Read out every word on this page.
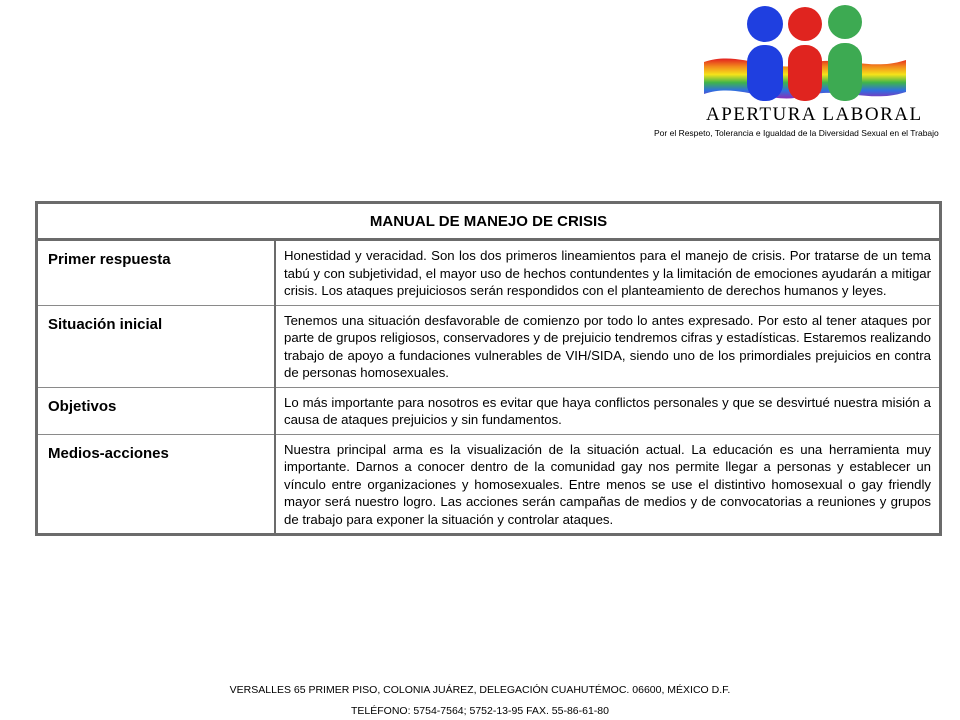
APERTURA LABORAL
Por el Respeto, Tolerancia e Igualdad de la Diversidad Sexual en el Trabajo
MANUAL DE MANEJO DE CRISIS	
Primer respuesta	Honestidad y veracidad. Son los dos primeros lineamientos para el manejo de crisis. Por tratarse de un tema tabú y con subjetividad, el mayor uso de hechos contundentes y la limitación de emociones ayudarán a mitigar crisis. Los ataques prejuiciosos serán respondidos con el planteamiento de derechos humanos y leyes.
Situación inicial	Tenemos una situación desfavorable de comienzo por todo lo antes expresado. Por esto al tener ataques por parte de grupos religiosos, conservadores y de prejuicio tendremos cifras y estadísticas. Estaremos realizando trabajo de apoyo a fundaciones vulnerables de VIH/SIDA, siendo uno de los primordiales prejuicios en contra de personas homosexuales.
Objetivos	Lo más importante para nosotros es evitar que haya conflictos personales y que se desvirtué nuestra misión a causa de ataques prejuicios y sin fundamentos.
Medios-acciones	Nuestra principal arma es la visualización de la situación actual. La educación es una herramienta muy importante. Darnos a conocer dentro de la comunidad gay nos permite llegar a personas y establecer un vínculo entre organizaciones y homosexuales. Entre menos se use el distintivo homosexual o gay friendly mayor será nuestro logro. Las acciones serán campañas de medios y de convocatorias a reuniones y grupos de trabajo para exponer la situación y controlar ataques.
VERSALLES 65 PRIMER PISO, COLONIA JUÁREZ, DELEGACIÓN CUAHUTÉMOC. 06600, MÉXICO D.F.
TELÉFONO: 5754-7564; 5752-13-95 FAX. 55-86-61-80
